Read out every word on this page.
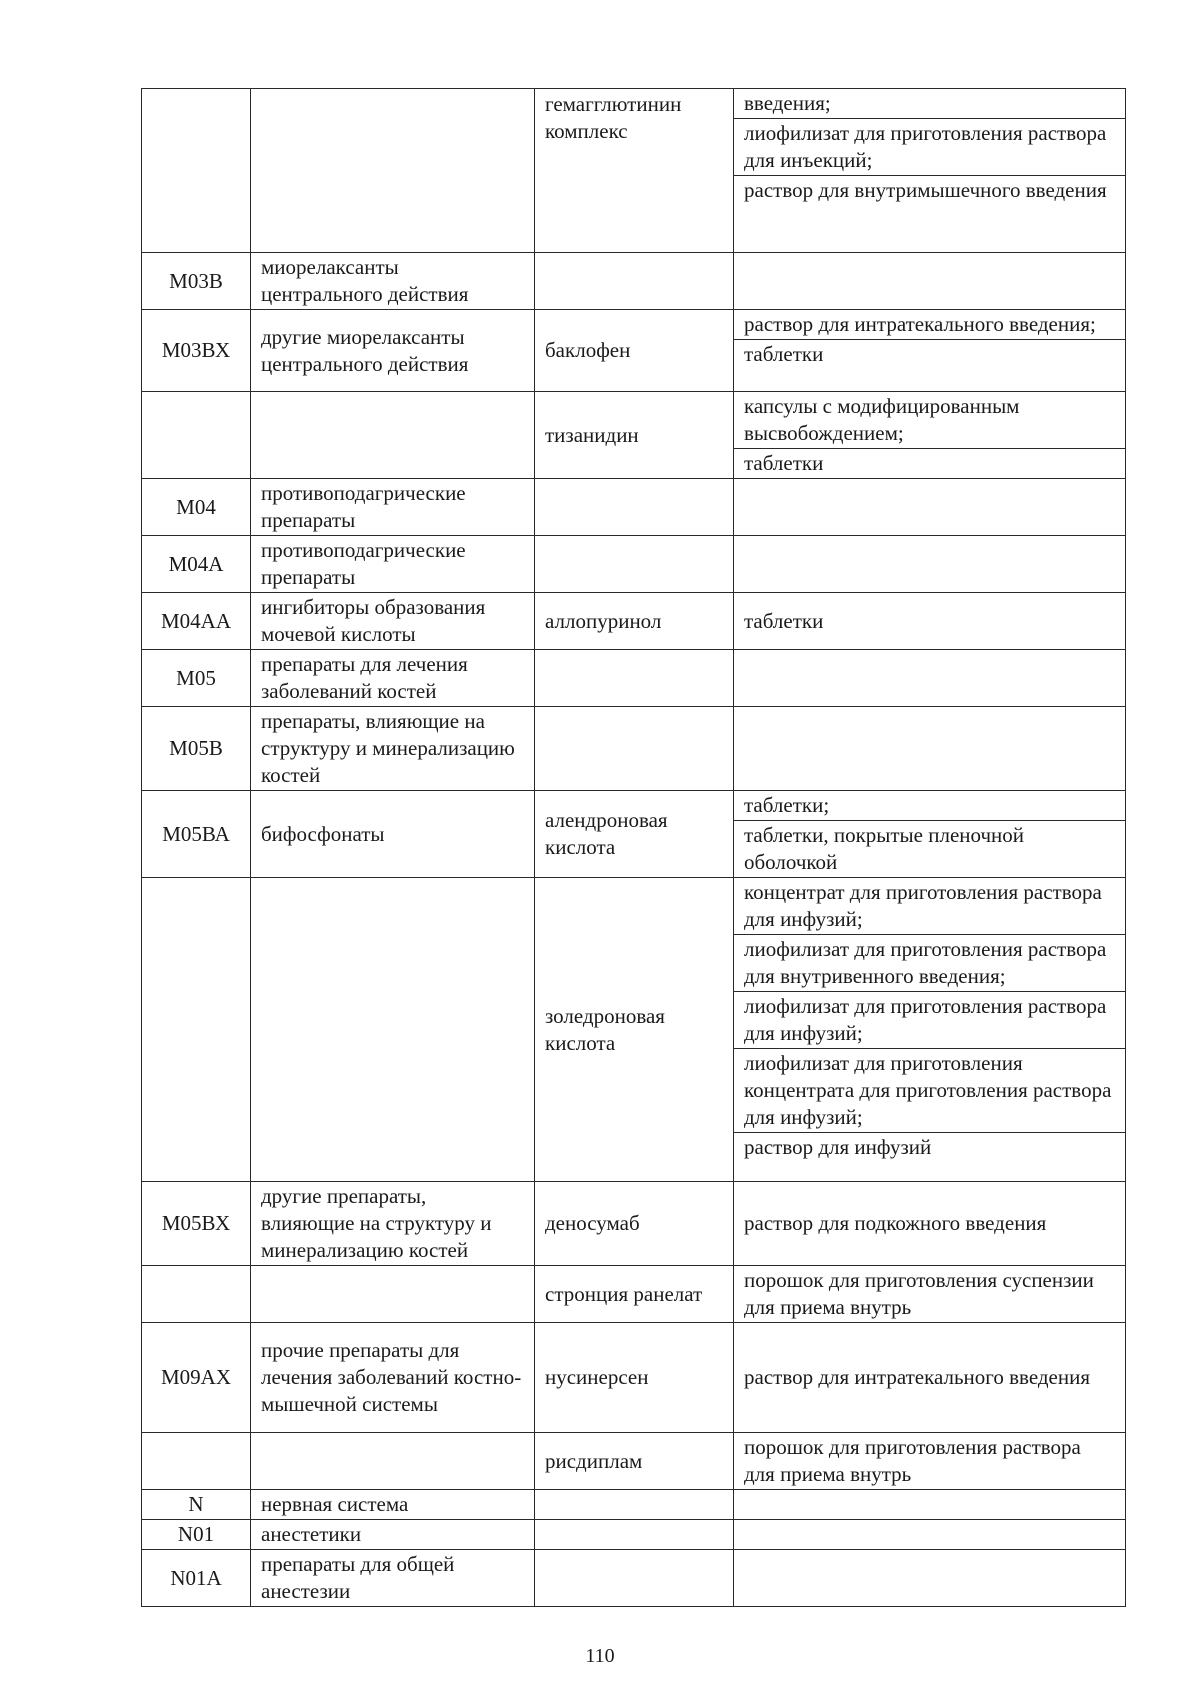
		гемагглютинин комплекс	введения;
лиофилизат для приготовления раствора для инъекций;
раствор для внутримышечного введения

М03В	миорелаксанты центрального действия		
М03ВХ	другие миорелаксанты центрального действия	баклофен	раствор для интратекального введения;
таблетки

		тизанидин	капсулы с модифицированным высвобождением;
таблетки

М04	противоподагрические препараты		
М04А	противоподагрические препараты		
М04АА	ингибиторы образования мочевой кислоты	аллопуринол	таблетки

М05	препараты для лечения заболеваний костей		
М05В	препараты, влияющие на структуру и минерализацию костей		
М05ВА	бифосфонаты	алендроновая кислота	таблетки;
таблетки, покрытые пленочной оболочкой

		золедроновая кислота	концентрат для приготовления раствора для инфузий;
лиофилизат для приготовления раствора для внутривенного введения;
лиофилизат для приготовления раствора для инфузий;
лиофилизат для приготовления концентрата для приготовления раствора для инфузий;
раствор для инфузий

М05ВХ	другие препараты, влияющие на структуру и минерализацию костей	деносумаб	раствор для подкожного введения

		стронция ранелат	порошок для приготовления суспензии для приема внутрь

М09АХ	прочие препараты для лечения заболеваний костно-мышечной системы	нусинерсен	раствор для интратекального введения

		рисдиплам	порошок для приготовления раствора для приема внутрь

N	нервная система		
N01	анестетики		
N01А	препараты для общей анестезии		
110
